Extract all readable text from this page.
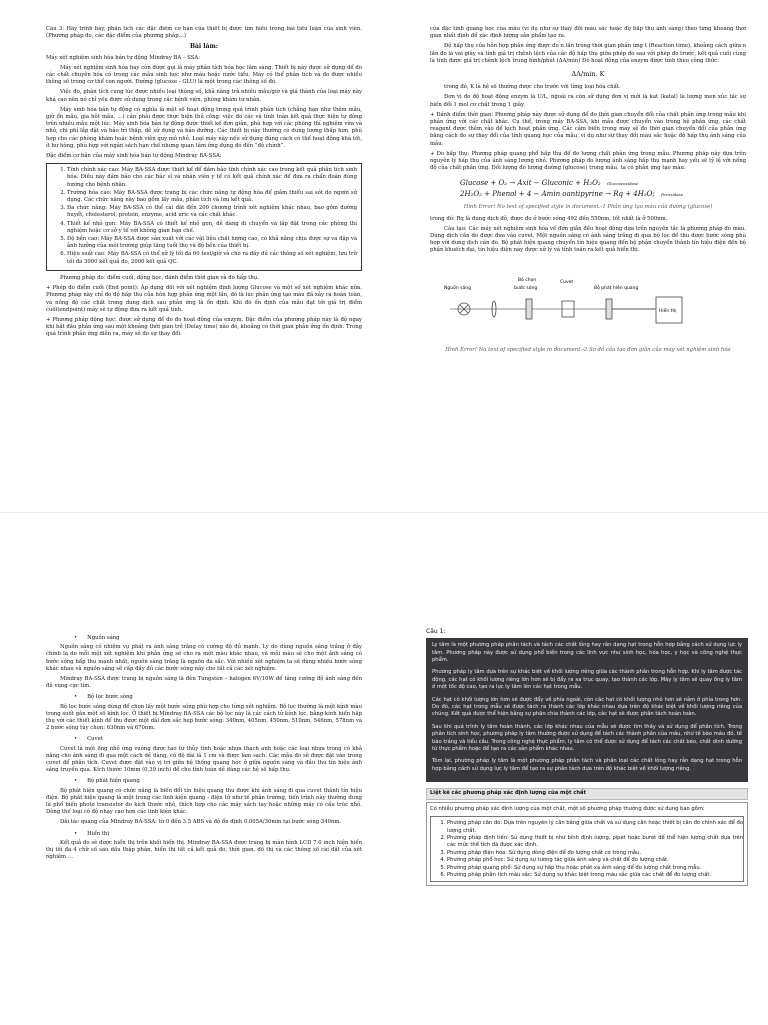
Câu 3: Hãy trình bày, phân tích các đặc điểm cơ bản của thiết bị được tìm hiểu trong bài tiểu luận của sinh viên. (Phương pháp đo, các đặc điểm của phương pháp…)

Bài làm:

Máy xét nghiệm sinh hóa bán tự động Mindray BA – SSA:

Máy xét nghiệm sinh hóa hay còn được gọi là máy phân tích hóa học lâm sàng. Thiết bị này được sử dụng để đo các chất chuyên hóa có trong các mẫu sinh học như máu hoặc nước tiểu. Máy có thể phân tích và đo được nhiều thông số trong cơ thể con người. Đường (glucose - GLU) là một trong các thông số đó.

Việc đo, phân tích cung lúc được nhiều loại thông số, khả năng trả nhiều mẫu/giờ và giá thành của loại máy này khá cao nên nó chỉ yếu được sử dụng trong các bệnh viện, phòng khám tư nhân.

Máy sinh hóa bán tự động có nghĩa là một số hoạt động trong quá trình phân tích (chẳng hạn như thêm mẫu, giữ ổn mẫu, gia hỗt mẫu, ...) cần phải được thực hiện thủ công: việc đo các và tính toán kết quả thực hiện tự động trên nhiều mẫu một lúc. Máy sinh hóa bán tự động được thiết kế đơn giản, phù hợp với các phòng thí nghiệm vừa và nhỏ, chi phí lắp đặt và bảo trì thấp, dễ sử dụng và bảo dưỡng. Các thiết bị này thường có dung lượng thấp hơn, phù hợp cho các phòng khám hoặc bệnh viện quy mô nhỏ. Loại máy này nếu sử dụng đúng cách có thể hoạt động khá tốt, ít hư hỏng, phù hợp với ngân sách hạn chế nhưng quan tâm ứng dụng đó đến “độ chính”.

Đặc điểm cơ bản của máy sinh hóa bán tự động Mindray BA-SSA:

1. Tính chính xác cao: Máy BA-SSA được thiết kế để đảm bảo tính chính xác cao trong kết quả phân tích sinh hóa. Điều này đảm bảo cho các bác sĩ và nhân viên y tế có kết quả chính xác để đưa ra chẩn đoán đúng hướng cho bệnh nhân.
2. Trường hóa cao: Máy BA-SSA được trang bị các chức năng tự động hóa để giảm thiểu sai sót do người sử dụng. Các chức năng này bao gồm lấy mẫu, phân tích và lưu kết quả.
3. Đa chức năng: Máy BA-SSA có thể cài đặt đến 200 chương trình xét nghiệm khác nhau, bao gồm đường huyết, cholesterol, protein, enzyme, acid uric và các chất khác.
4. Thiết kế nhỏ gọn: Máy BA-SSA có thiết kế nhỏ gọn, dễ dàng di chuyển và lắp đặt trong các phòng thí nghiệm hoặc cơ sở y tế với không gian hạn chế.
5. Độ bền cao: Máy BA-SSA được sản xuất với các vật liệu chất lượng cao, có khả năng chịu được sự va đập và ảnh hưởng của môi trường giúp tăng tuổi thọ và độ bền của thiết bị.
6. Hiệu suất cao: Máy BA-SSA có thể xử lý tối đa 60 test/giờ và cho ra đầy đủ các thông số xét nghiệm, lưu trữ tối đa 3000 kết quả đo, 2000 kết quả QC.

Phương pháp đo: điểm cuối, động học, đánh điểm thời gian và đo hấp thụ.

+ Phép đo điểm cuối (End point): Áp dụng đối với xét nghiệm định lượng Glucose và một số xét nghiệm khác nữa. Phương pháp này chỉ đo độ hấp thụ của hỗn hợp phản ứng một lần, đó là lúc phản ứng tạo màu đã xảy ra hoàn toàn, và nồng độ các chất trong dung dịch sau phản ứng là ổn định. Khi đó ổn định của mẫu đạt tới giá trị điểm cuối(endpoint) máy sẽ tự động đưa ra kết quả tính.

+ Phương pháp động học: được sử dụng để đo đo hoạt động của enzym. Đặc điểm của phương pháp này là độ ngay khi bắt đầu phản ứng sau một khoảng thời gian trễ (Delay time) nào đó, khoảng có thời gian phản ứng ổn định. Trong quá trình phản ứng diễn ra, máy sẽ đo sự thay đổi.

của đặc tính quang học của mẫu (ví dụ như sự thay đổi màu sắc hoặc độ hấp thụ ánh sáng) theo từng khoảng thời gian nhất định để xác định lượng sản phẩm tạo ra.

Độ hấp thụ của hỗn hợp phản ứng được đo n lần trong thời gian phản ứng t (Reaction time), khoảng cách giữa n lần đo là vài giây và tính giá trị chênh lệch của các độ hấp thụ giữa phép đo sau với phép đo trước, kết quả cuối cùng là tính được giá trị chênh lệch trung bình/phút (ΔA/min) Độ hoạt động của enzym được tính theo công thức:

ΔA/min. K

trong đó, K là hệ số thường được cho trước với từng loại hóa chất.

Đơn vị đo độ hoạt động enzym là U/L, ngoài ra còn sử dụng đơn vị mới là kat (katal) là lượng men xúc tác sự biến đổi 1 mol cơ chất trong 1 giây.

+ Đánh điểm thời gian: Phương pháp này được sử dụng để đo thời gian chuyển đổi của chất phản ứng trong mẫu khi phản ứng với các chất khác. Cụ thể, trong máy BA-SSA, khi mẫu được chuyển vào trong hệ phản ứng, các chất reagent được thêm vào để kích hoạt phản ứng. Các cảm biến trong máy sẽ đo thời gian chuyển đổi của phản ứng bằng cách đo sự thay đổi của tính quang học của mẫu, ví dụ như sự thay đổi màu sắc hoặc độ hấp thụ ánh sáng của mẫu.

+ Đo hấp thụ: Phương pháp quang phổ hấp thụ để đo lượng chất phản ứng trong mẫu. Phương pháp này dựa trên nguyên lý hấp thụ của ánh sáng lượng nhỏ. Phương pháp đo lượng ánh sáng hấp thụ mạnh hay yếu sẽ tỷ lệ với nồng độ của chất phản ứng. Đối lượng đo lượng đường (glucose) trong mẫu, ta có phản ứng tạo màu:

Glucose + O₂ → Axit − Gluconic + H₂O₂ Glucoseoxidase
2H₂O₂ + Phenol + 4 − Amin oantipyrine → Rq + 4H₂O; Peroxidase
Hình Error! No text of specified style in document.-1 Phản ứng tạo màu của đường (glucose)

trong đó: Rq là dung dịch đỏ, được đo ở bước sóng 492 đến 550nm, tốt nhất là ở 500nm.

Câu tạo: Các máy xét nghiệm sinh hóa về đơn giản đều hoạt động dựa trên nguyên tắc là phương pháp đo màu. Dung dịch cần đo được đưa vào cuvet. Một nguồn sáng có ánh sáng trắng đi qua bộ lọc để thu được bước sóng phù hợp với dung dịch cần đo. Bộ phát hiện quang chuyển tín hiệu quang đến bộ phận chuyển thành tín hiệu điện đến bộ phận khuếch đại, tín hiệu điện này được xử lý và tính toán ra kết quả hiển thị.

Nguồn sáng
Bộ chọn
bước sóng
Cuvet
Bộ phát hiện quang
Hiển thị
Hình Error! No text of specified style in document.-2 Sơ đồ cấu tạo đơn giản của máy xét nghiệm sinh hóa
• Nguồn sáng

Nguồn sáng có nhiệm vụ phát ra ánh sáng trắng có cường độ đủ mạnh. Lý do dùng nguồn sáng trắng ở đây chính là do mỗi một xét nghiệm khi phản ứng sẽ cho ra một màu khác nhau, và mỗi màu sẽ cho một ảnh sáng có bước sóng hấp thụ mạnh nhất, nguồn sáng trắng là nguồn đa sắc. Với nhiều xét nghiệm ta sẽ dùng nhiều bước sóng khác nhau và nguồn sáng sẽ cấp đầy đủ các bước sóng này cho tất cả các xét nghiệm.

Mindray BA-SSA được trang bị nguồn sáng là đèn Tungsten – halogen 6V/10W để tăng cường độ ánh sáng đến đủ vùng cực tím.

• Bộ lọc bước sóng

Bộ lọc bước sóng dùng để chọn lấy một bước sóng phù hợp cho từng xét nghiệm. Bộ lọc thường là một kính màu trong suốt gắn một số kính lọc. Ở thiết bị Mindray BA-SSA các bộ lọc này là các cách tử kính lọc, bằng kính hiển hấp thụ với các thiết kính để thu được một dải đơn sắc hẹp bước sóng: 340nm, 405nm, 450nm, 510nm, 546nm, 578nm và 2 bước sóng tùy chọn: 630nm và 670nm.

• Cuvet

Cuvet là một ống nhỏ ứng vuông được tạo từ thủy tinh hoặc nhựa thạch anh hoặc các loại nhựa trong có khả năng cho ánh sáng đi qua một cách dễ dàng, có độ dài là 1 cm và được làm sạch. Các mẫu đo sẽ được đặt vào trong cuvet để phân tích. Cuvet được đặt vào vị trí giữa hệ thống quang học ở giữa nguồn sáng và đầu thu tín hiệu ánh sáng truyền qua. Kích thước 10mm (0,39 inch) để cho tính toán dễ dàng các hệ số hấp thụ.

• Bộ phát hiện quang

Bộ phát hiện quang có chức năng là biến đổi tín hiệu quang thu được khi ánh sáng đi qua cuvet thành tín hiệu điện. Bộ phát hiện quang là một trong các linh kiện quang - điện tử như tế phân trường, tiến trình này thường dung là phổ biến photo transistor do kích thước nhỏ, thích hợp cho các máy xách tay hoặc những máy có cấu trúc nhỏ. Dòng thế loại có độ nhạy cao hơn các linh kiện khác.

Dải tác quang của Mindray BA-SSA: từ 0 đến 3.5 ABS và độ ổn định 0.005A/30min tại bước sóng 340nm.

• Hiển thị

Kết quả đo sẽ được hiển thị trên khối hiển thị. Mindray BA-SSA được trang bị màn hình LCD 7.0 inch hiện hiển thị tối đa 4 chữ số sau dấu thập phân, hiển thị tất cả kết quả đo, thời gian, đồ thị và các thông số cài đặt của xét nghiệm …

Câu 1:

Ly tâm là một phương pháp phân tách và tách các chất lỏng hay rắn dạng hạt trong hỗn hợp bằng cách sử dụng lực ly tâm. Phương pháp này được sử dụng phổ biến trong các lĩnh vực như sinh học, hóa học, y học và công nghệ thực phẩm.

Phương pháp ly tâm dựa trên sự khác biệt về khối lượng riêng giữa các thành phần trong hỗn hợp. Khi ly tâm được tác động, các hạt có khối lượng riêng lớn hơn sẽ bị đẩy ra xa trục quay, tạo thành các lớp. Máy ly tâm sẽ quay ống ly tâm ở một tốc độ cao, tạo ra lực ly tâm lên các hạt trong mẫu.

Các hạt có khối lượng lớn hơn sẽ được đẩy về phía ngoài, còn các hạt có khối lượng nhỏ hơn sẽ nằm ở phía trong hơn. Do đó, các hạt trong mẫu sẽ được tách ra thành các lớp khác nhau dựa trên độ khác biệt về khối lượng riêng của chúng. Kết quả được thể hiện bằng sự phân chia thành các lớp, các hạt sẽ được phân tách hoàn toàn.

Sau khi quá trình ly tâm hoàn thành, các lớp khác nhau của mẫu sẽ được tìm thấy và sử dụng để phân tích. Trong phân tích sinh học, phương pháp ly tâm thường được sử dụng để tách các thành phần của máu, như tế bào máu đỏ, tế bào trắng và tiểu cầu. Trong công nghệ thực phẩm, ly tâm có thể được sử dụng để tách các chất béo, chất dinh dưỡng từ thực phẩm hoặc để tạo ra các sản phẩm khác nhau.

Tóm lại, phương pháp ly tâm là một phương pháp phân tách và phân loại các chất lỏng hay rắn dạng hạt trong hỗn hợp bằng cách sử dụng lực ly tâm để tạo ra sự phân tách dựa trên độ khác biệt về khối lượng riêng.

Liệt kê các phương pháp xác định lượng của một chất
Có nhiều phương pháp xác định lượng của một chất, một số phương pháp thường được sử dụng bao gồm:
1. Phương pháp cân đo: Dựa trên nguyên lý cân bằng giữa chất và sử dụng cân hoặc thiết bị cân đo chính xác để đo lượng chất.
2. Phương pháp định tiến: Sử dụng thiết bị như bình định lượng, pipet hoặc buret để thể hiện lượng chất dựa trên các mức thể tích đã được xác định.
3. Phương pháp điện hóa: Sử dụng dòng điện để đo lượng chất có trong mẫu.
4. Phương pháp phổ học: Sử dụng sự tương tác giữa ánh sáng và chất để đo lượng chất.
5. Phương pháp quang phổ: Sử dụng sự hấp thụ hoặc phát xạ ánh sáng để đo lượng chất trong mẫu.
6. Phương pháp phân tích màu sắc: Sử dụng sự khác biệt trong màu sắc giữa các chất để đo lượng chất.
